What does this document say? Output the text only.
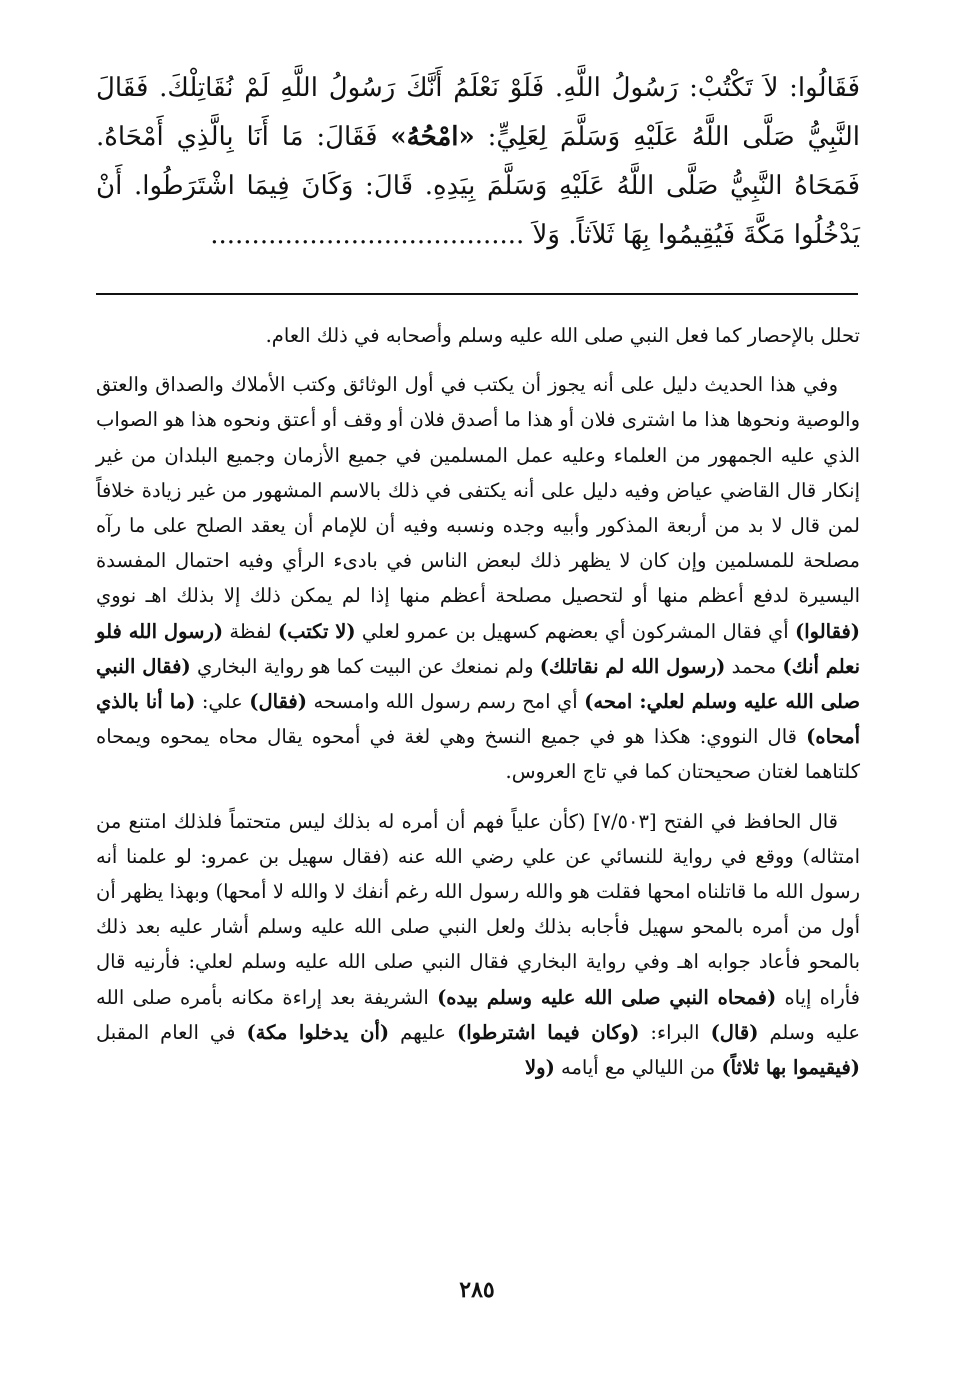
فَقَالُوا: لاَ تَكْتُبْ: رَسُولُ اللَّهِ. فَلَوْ نَعْلَمُ أَنَّكَ رَسُولُ اللَّهِ لَمْ نُقَاتِلْكَ. فَقَالَ النَّبِيُّ صَلَّى اللَّهُ عَلَيْهِ وَسَلَّمَ لِعَلِيٍّ: «امْحُهُ» فَقَالَ: مَا أَنَا بِالَّذِي أَمْحَاهُ. فَمَحَاهُ النَّبِيُّ صَلَّى اللَّهُ عَلَيْهِ وَسَلَّمَ بِيَدِهِ. قَالَ: وَكَانَ فِيمَا اشْتَرَطُوا. أَنْ يَدْخُلُوا مَكَّةَ فَيُقِيمُوا بِهَا ثَلاَثاً. وَلاَ ......................................

تحلل بالإحصار كما فعل النبي صلى الله عليه وسلم وأصحابه في ذلك العام.

وفي هذا الحديث دليل على أنه يجوز أن يكتب في أول الوثائق وكتب الأملاك والصداق والعتق والوصية ونحوها هذا ما اشترى فلان أو هذا ما أصدق فلان أو وقف أو أعتق ونحوه هذا هو الصواب الذي عليه الجمهور من العلماء وعليه عمل المسلمين في جميع الأزمان وجميع البلدان من غير إنكار قال القاضي عياض وفيه دليل على أنه يكتفى في ذلك بالاسم المشهور من غير زيادة خلافاً لمن قال لا بد من أربعة المذكور وأبيه وجده ونسبه وفيه أن للإمام أن يعقد الصلح على ما رآه مصلحة للمسلمين وإن كان لا يظهر ذلك لبعض الناس في بادىء الرأي وفيه احتمال المفسدة اليسيرة لدفع أعظم منها أو لتحصيل مصلحة أعظم منها إذا لم يمكن ذلك إلا بذلك اهـ نووي (فقالوا) أي فقال المشركون أي بعضهم كسهيل بن عمرو لعلي (لا تكتب) لفظة (رسول الله فلو نعلم أنك) محمد (رسول الله لم نقاتلك) ولم نمنعك عن البيت كما هو رواية البخاري (فقال النبي صلى الله عليه وسلم لعلي: امحه) أي امح رسم رسول الله وامسحه (فقال) علي: (ما أنا بالذي أمحاه) قال النووي: هكذا هو في جميع النسخ وهي لغة في أمحوه يقال محاه يمحوه ويمحاه كلتاهما لغتان صحيحتان كما في تاج العروس.

قال الحافظ في الفتح [٧/٥٠٣] (كأن علياً فهم أن أمره له بذلك ليس متحتماً فلذلك امتنع من امتثاله) ووقع في رواية للنسائي عن علي رضي الله عنه (فقال سهيل بن عمرو: لو علمنا أنه رسول الله ما قاتلناه امحها فقلت هو والله رسول الله رغم أنفك لا والله لا أمحها) وبهذا يظهر أن أول من أمره بالمحو سهيل فأجابه بذلك ولعل النبي صلى الله عليه وسلم أشار عليه بعد ذلك بالمحو فأعاد جوابه اهـ وفي رواية البخاري فقال النبي صلى الله عليه وسلم لعلي: فأرنيه قال فأراه إياه (فمحاه النبي صلى الله عليه وسلم بيده) الشريفة بعد إراءة مكانه بأمره صلى الله عليه وسلم (قال) البراء: (وكان فيما اشترطوا) عليهم (أن يدخلوا مكة) في العام المقبل (فيقيموا بها ثلاثاً) من الليالي مع أيامه (ولا

٢٨٥
